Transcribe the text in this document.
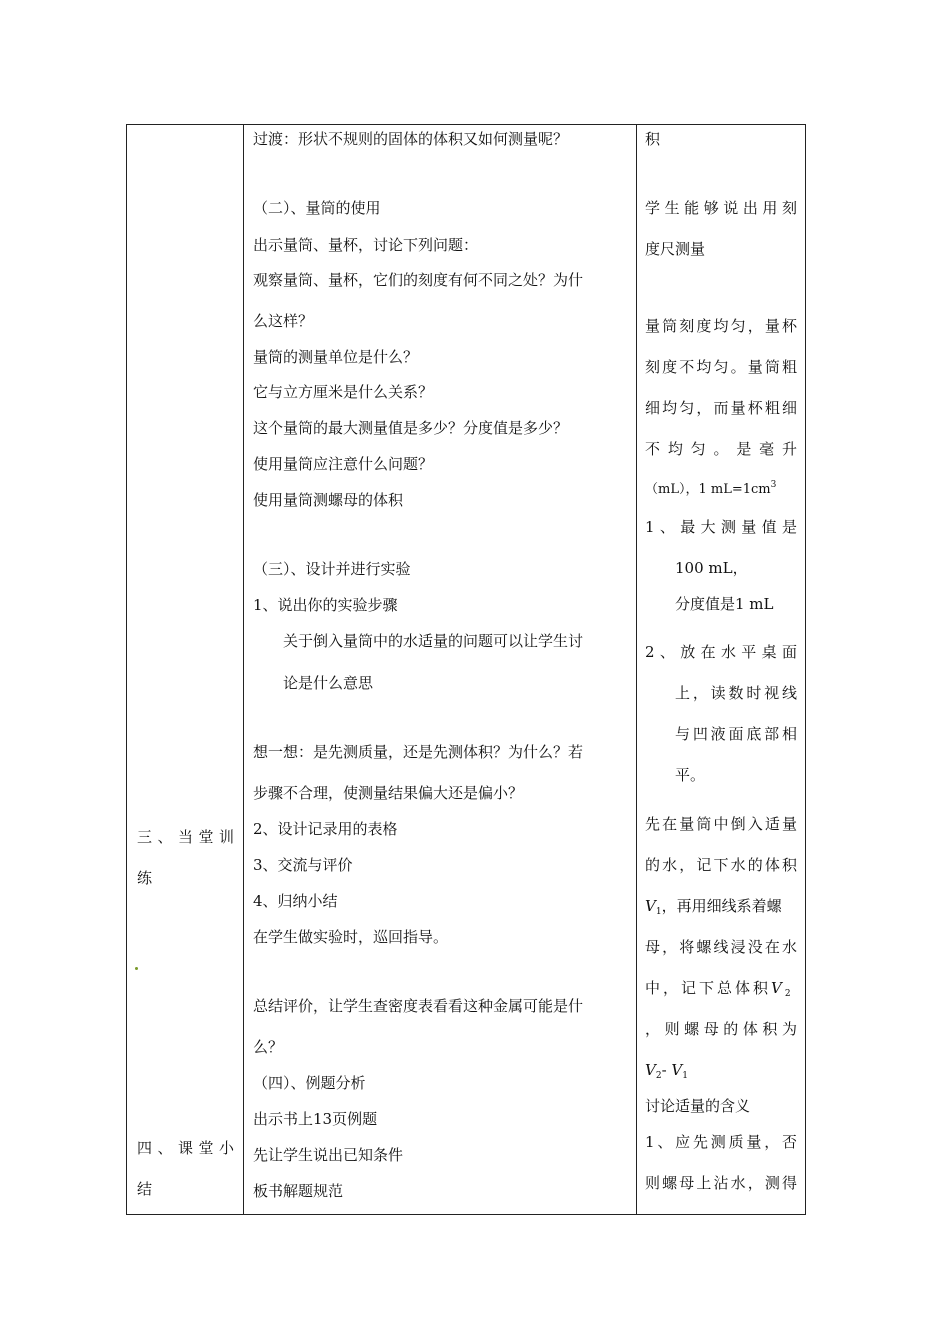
三、当堂训
练
四、课堂小
结
过渡：形状不规则的固体的体积又如何测量呢？
（二）、量筒的使用
出示量筒、量杯，讨论下列问题：
观察量筒、量杯，它们的刻度有何不同之处？为什
么这样？
量筒的测量单位是什么？
它与立方厘米是什么关系？
这个量筒的最大测量值是多少？分度值是多少？
使用量筒应注意什么问题？
使用量筒测螺母的体积
（三）、设计并进行实验
1、说出你的实验步骤
关于倒入量筒中的水适量的问题可以让学生讨
论是什么意思
想一想：是先测质量，还是先测体积？为什么？若
步骤不合理，使测量结果偏大还是偏小？
2、设计记录用的表格
3、交流与评价
4、归纳小结
在学生做实验时，巡回指导。
总结评价，让学生查密度表看看这种金属可能是什
么？
（四）、例题分析
出示书上13页例题
先让学生说出已知条件
板书解题规范
积
学生能够说出用刻
度尺测量
量筒刻度均匀，量杯
刻度不均匀。量筒粗
细均匀，而量杯粗细
不均匀。是毫升
（mL），1 $mL=1cm^3$
1、最大测量值是
100 mL，
分度值是1 mL
2、放在水平桌面
上，读数时视线
与凹液面底部相
平。
先在量筒中倒入适量
的水，记下水的体积
$V_1$，再用细线系着螺
母，将螺线浸没在水
中，记下总体积$V_2$
，则螺母的体积为
$V_2-$ $V_1$
讨论适量的含义
1、应先测质量，否
则螺母上沾水，测得
